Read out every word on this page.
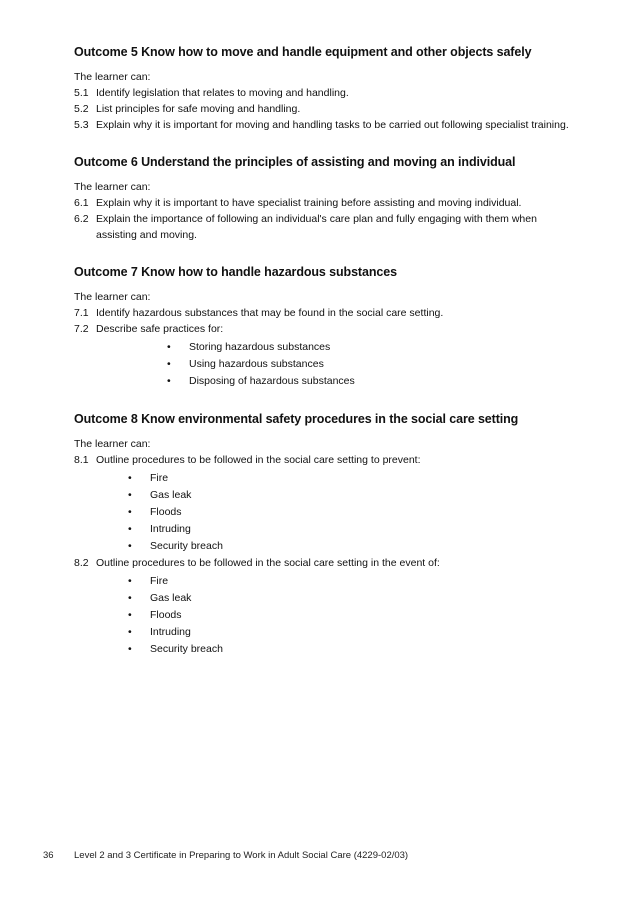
Outcome 5 Know how to move and handle equipment and other objects safely
The learner can:
5.1 Identify legislation that relates to moving and handling.
5.2 List principles for safe moving and handling.
5.3 Explain why it is important for moving and handling tasks to be carried out following specialist training.
Outcome 6 Understand the principles of assisting and moving an individual
The learner can:
6.1 Explain why it is important to have specialist training before assisting and moving individual.
6.2 Explain the importance of following an individual's care plan and fully engaging with them when assisting and moving.
Outcome 7 Know how to handle hazardous substances
The learner can:
7.1 Identify hazardous substances that may be found in the social care setting.
7.2 Describe safe practices for:
• Storing hazardous substances
• Using hazardous substances
• Disposing of hazardous substances
Outcome 8 Know environmental safety procedures in the social care setting
The learner can:
8.1 Outline procedures to be followed in the social care setting to prevent:
• Fire
• Gas leak
• Floods
• Intruding
• Security breach
8.2 Outline procedures to be followed in the social care setting in the event of:
• Fire
• Gas leak
• Floods
• Intruding
• Security breach
36 Level 2 and 3 Certificate in Preparing to Work in Adult Social Care (4229-02/03)
